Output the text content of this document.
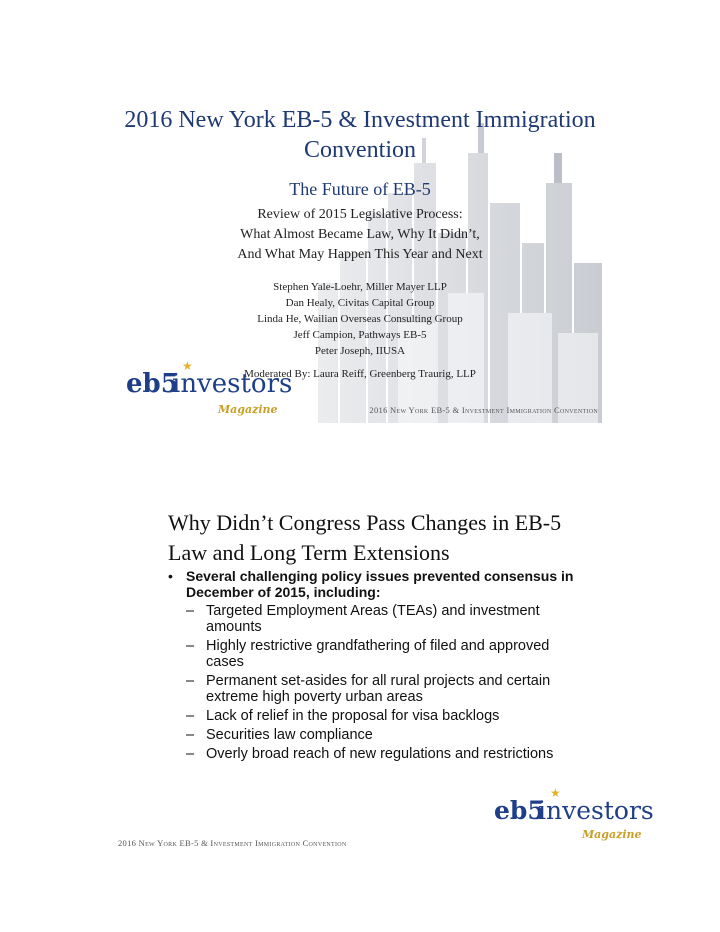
2016 New York EB-5 & Investment Immigration Convention
The Future of EB-5
Review of 2015 Legislative Process:
What Almost Became Law, Why It Didn’t,
And What May Happen This Year and Next
Stephen Yale-Loehr, Miller Mayer LLP
Dan Healy, Civitas Capital Group
Linda He, Wailian Overseas Consulting Group
Jeff Campion, Pathways EB-5
Peter Joseph, IIUSA
Moderated By: Laura Reiff, Greenberg Traurig, LLP
★
eb5
investors
Magazine	2016 New York EB-5 & Investment Immigration Convention
Why Didn’t Congress Pass Changes in EB-5 Law and Long Term Extensions
• Several challenging policy issues prevented consensus in December of 2015, including:
– Targeted Employment Areas (TEAs) and investment amounts
– Highly restrictive grandfathering of filed and approved cases
– Permanent set-asides for all rural projects and certain extreme high poverty urban areas
– Lack of relief in the proposal for visa backlogs
– Securities law compliance
– Overly broad reach of new regulations and restrictions
★
eb5
investors
Magazine
2016 New York EB-5 & Investment Immigration Convention
